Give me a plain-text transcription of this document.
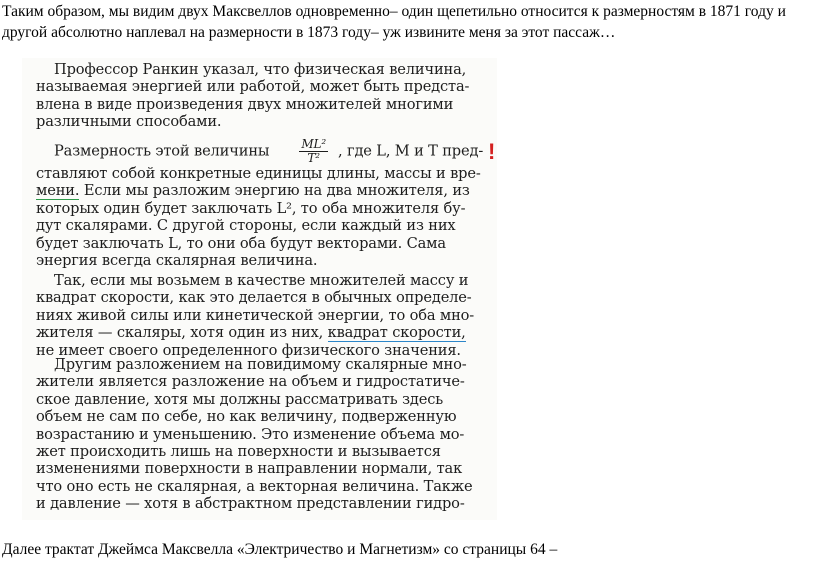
Таким образом, мы видим двух Максвеллов одновременно– один щепетильно относится к размерностям в 1871 году и другой абсолютно наплевал на размерности в 1873 году– уж извините меня за этот пассаж…

Профессор Ранкин указал, что физическая величина,
называемая энергией или работой, может быть предста-
влена в виде произведения двух множителей многими
различными способами.

Размерность этой величины	$\frac{\text{ML²}}{\text{T²}}$ , где L, M и T пред-
ставляют собой конкретные единицы длины, массы и вре-
мени. Если мы разложим энергию на два множителя, из
которых один будет заключать L², то оба множителя бу-
дут скалярами. С другой стороны, если каждый из них
будет заключать L, то они оба будут векторами. Сама
энергия всегда скалярная величина.

Так, если мы возьмем в качестве множителей массу и
квадрат скорости, как это делается в обычных определе-
ниях живой силы или кинетической энергии, то оба мно-
жителя — скаляры, хотя один из них, квадрат скорости,
не имеет своего определенного физического значения.

Другим разложением на повидимому скалярные мно-
жители является разложение на объем и гидростатиче-
ское давление, хотя мы должны рассматривать здесь
объем не сам по себе, но как величину, подверженную
возрастанию и уменьшению. Это изменение объема мо-
жет происходить лишь на поверхности и вызывается
изменениями поверхности в направлении нормали, так
что оно есть не скалярная, а векторная величина. Также
и давление — хотя в абстрактном представлении гидро-

!
Далее трактат Джеймса Максвелла «Электричество и Магнетизм» со страницы 64 –
